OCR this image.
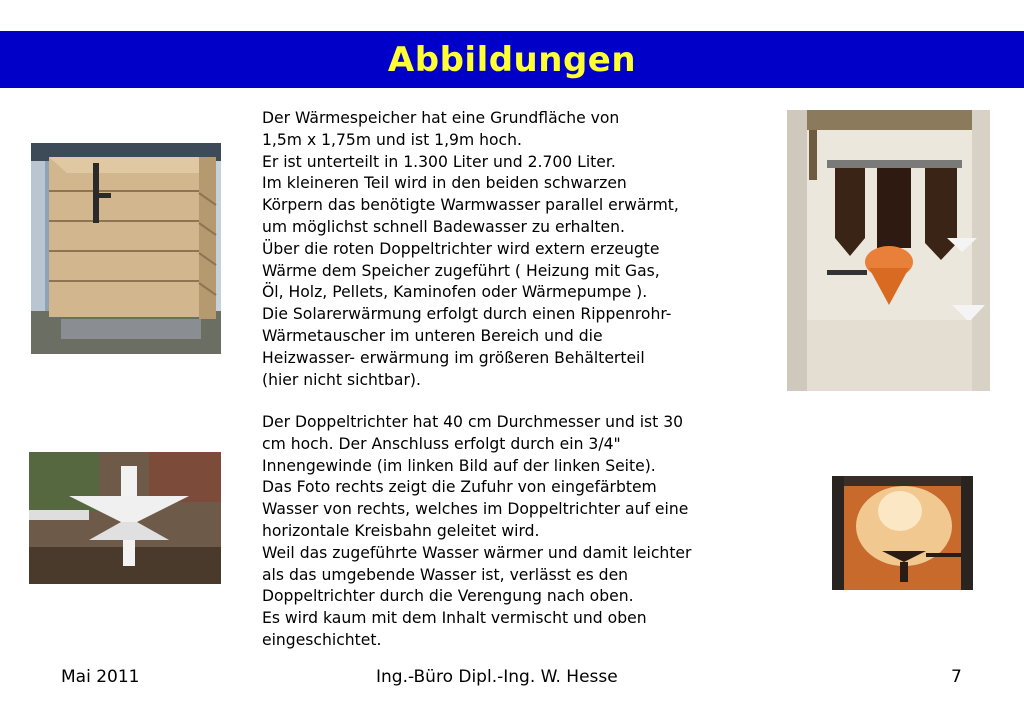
Abbildungen

Der Wärmespeicher hat eine Grundfläche von
1,5m x 1,75m und ist 1,9m hoch.
Er ist unterteilt in 1.300 Liter und 2.700 Liter.
Im kleineren Teil wird in den beiden schwarzen
Körpern das benötigte Warmwasser parallel erwärmt,
um möglichst schnell Badewasser zu erhalten.
Über die roten Doppeltrichter wird extern erzeugte
Wärme dem Speicher zugeführt ( Heizung mit Gas,
Öl, Holz, Pellets, Kaminofen oder Wärmepumpe ).
Die Solarerwärmung erfolgt durch einen Rippenrohr-
Wärmetauscher im unteren Bereich und die
Heizwasser- erwärmung im größeren Behälterteil
(hier nicht sichtbar).

Der Doppeltrichter hat 40 cm Durchmesser und ist 30
cm hoch. Der Anschluss erfolgt durch ein 3/4"
Innengewinde (im linken Bild auf der linken Seite).
Das Foto rechts zeigt die Zufuhr von eingefärbtem
Wasser von rechts, welches im Doppeltrichter auf eine
horizontale Kreisbahn geleitet wird.
Weil das zugeführte Wasser wärmer und damit leichter
als das umgebende Wasser ist, verlässt es den
Doppeltrichter durch die Verengung nach oben.
Es wird kaum mit dem Inhalt vermischt und oben
eingeschichtet.

Mai 2011	Ing.-Büro Dipl.-Ing. W. Hesse	7
